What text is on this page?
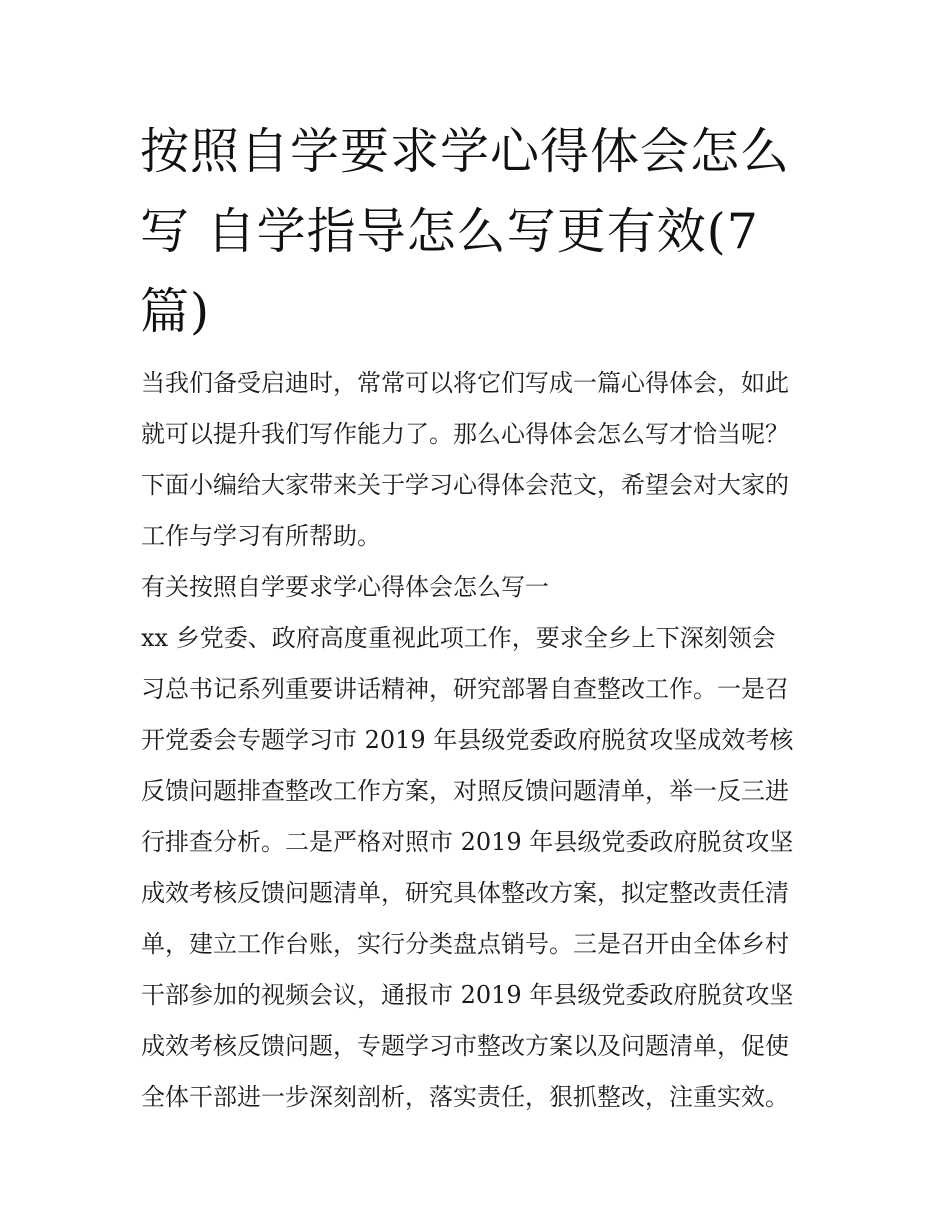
按照自学要求学心得体会怎么
写 自学指导怎么写更有效(7
篇)
当我们备受启迪时，常常可以将它们写成一篇心得体会，如此
就可以提升我们写作能力了。那么心得体会怎么写才恰当呢？
下面小编给大家带来关于学习心得体会范文，希望会对大家的
工作与学习有所帮助。
有关按照自学要求学心得体会怎么写一
xx 乡党委、政府高度重视此项工作，要求全乡上下深刻领会
习总书记系列重要讲话精神，研究部署自查整改工作。一是召
开党委会专题学习市 2019 年县级党委政府脱贫攻坚成效考核
反馈问题排查整改工作方案，对照反馈问题清单，举一反三进
行排查分析。二是严格对照市 2019 年县级党委政府脱贫攻坚
成效考核反馈问题清单，研究具体整改方案，拟定整改责任清
单，建立工作台账，实行分类盘点销号。三是召开由全体乡村
干部参加的视频会议，通报市 2019 年县级党委政府脱贫攻坚
成效考核反馈问题，专题学习市整改方案以及问题清单，促使
全体干部进一步深刻剖析，落实责任，狠抓整改，注重实效。
